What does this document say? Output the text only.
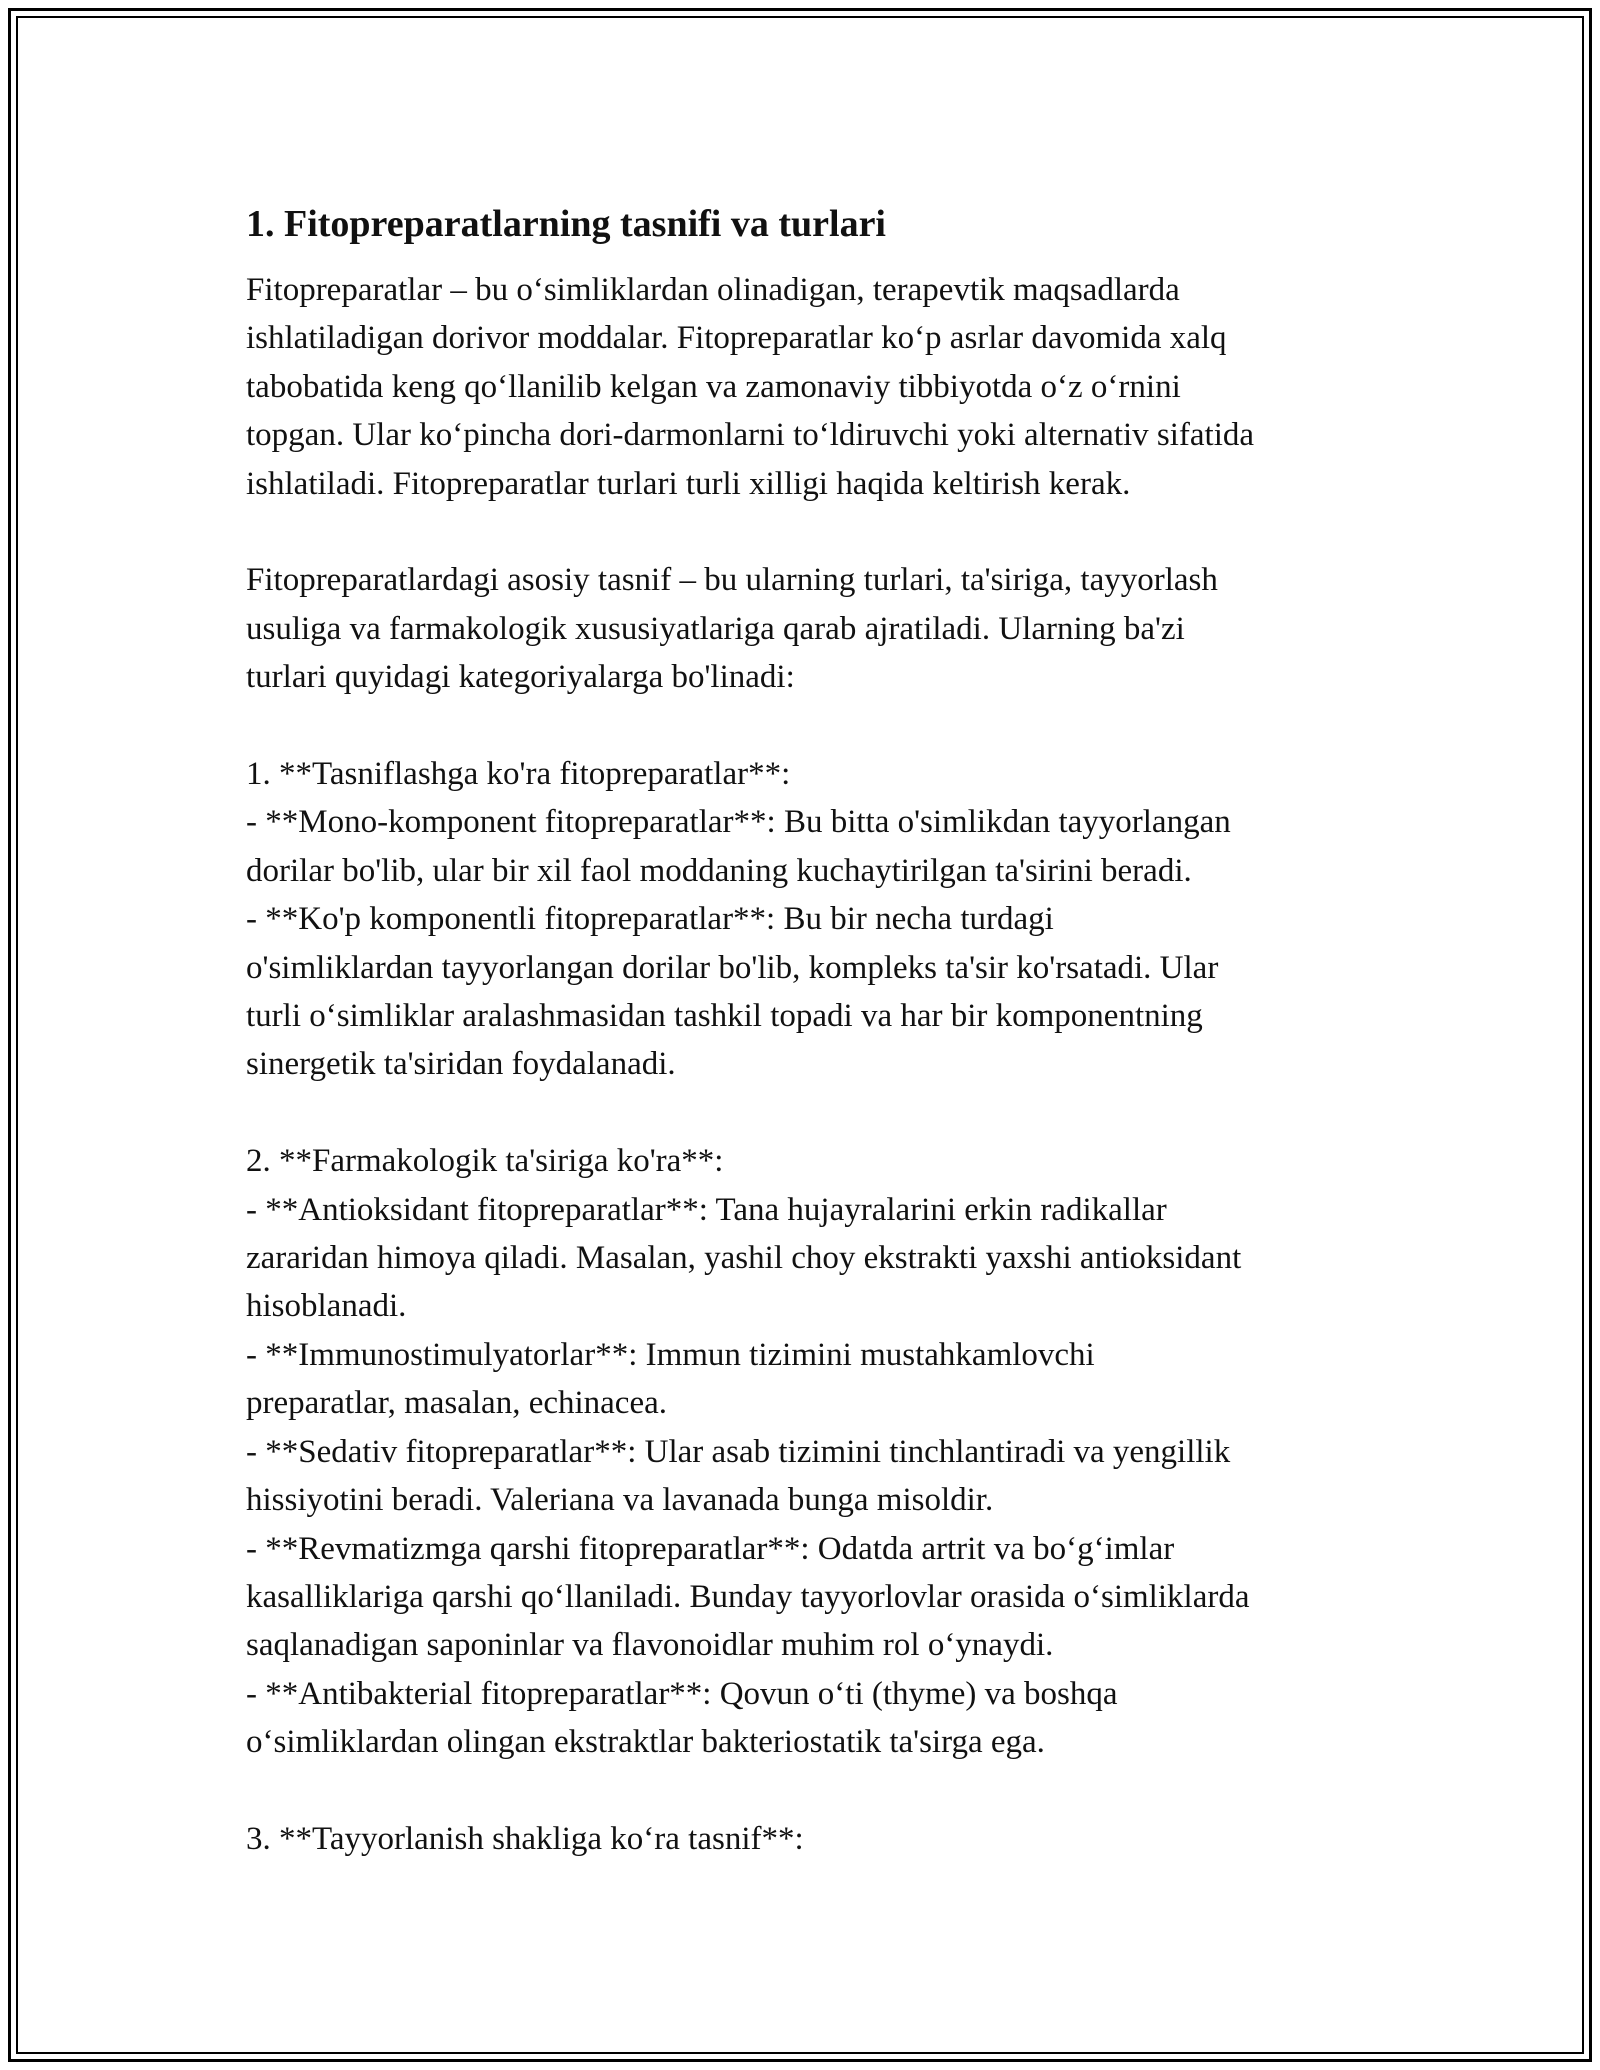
1. Fitopreparatlarning tasnifi va turlari

Fitopreparatlar – bu o‘simliklardan olinadigan, terapevtik maqsadlarda
ishlatiladigan dorivor moddalar. Fitopreparatlar ko‘p asrlar davomida xalq
tabobatida keng qo‘llanilib kelgan va zamonaviy tibbiyotda o‘z o‘rnini
topgan. Ular ko‘pincha dori-darmonlarni to‘ldiruvchi yoki alternativ sifatida
ishlatiladi. Fitopreparatlar turlari turli xilligi haqida keltirish kerak.

Fitopreparatlardagi asosiy tasnif – bu ularning turlari, ta'siriga, tayyorlash
usuliga va farmakologik xususiyatlariga qarab ajratiladi. Ularning ba'zi
turlari quyidagi kategoriyalarga bo'linadi:

1. **Tasniflashga ko'ra fitopreparatlar**:
- **Mono-komponent fitopreparatlar**: Bu bitta o'simlikdan tayyorlangan
dorilar bo'lib, ular bir xil faol moddaning kuchaytirilgan ta'sirini beradi.
- **Ko'p komponentli fitopreparatlar**: Bu bir necha turdagi
o'simliklardan tayyorlangan dorilar bo'lib, kompleks ta'sir ko'rsatadi. Ular
turli o‘simliklar aralashmasidan tashkil topadi va har bir komponentning
sinergetik ta'siridan foydalanadi.

2. **Farmakologik ta'siriga ko'ra**:
- **Antioksidant fitopreparatlar**: Tana hujayralarini erkin radikallar
zararidan himoya qiladi. Masalan, yashil choy ekstrakti yaxshi antioksidant
hisoblanadi.
- **Immunostimulyatorlar**: Immun tizimini mustahkamlovchi
preparatlar, masalan, echinacea.
- **Sedativ fitopreparatlar**: Ular asab tizimini tinchlantiradi va yengillik
hissiyotini beradi. Valeriana va lavanada bunga misoldir.
- **Revmatizmga qarshi fitopreparatlar**: Odatda artrit va bo‘g‘imlar
kasalliklariga qarshi qo‘llaniladi. Bunday tayyorlovlar orasida o‘simliklarda
saqlanadigan saponinlar va flavonoidlar muhim rol o‘ynaydi.
- **Antibakterial fitopreparatlar**: Qovun o‘ti (thyme) va boshqa
o‘simliklardan olingan ekstraktlar bakteriostatik ta'sirga ega.

3. **Tayyorlanish shakliga ko‘ra tasnif**:
